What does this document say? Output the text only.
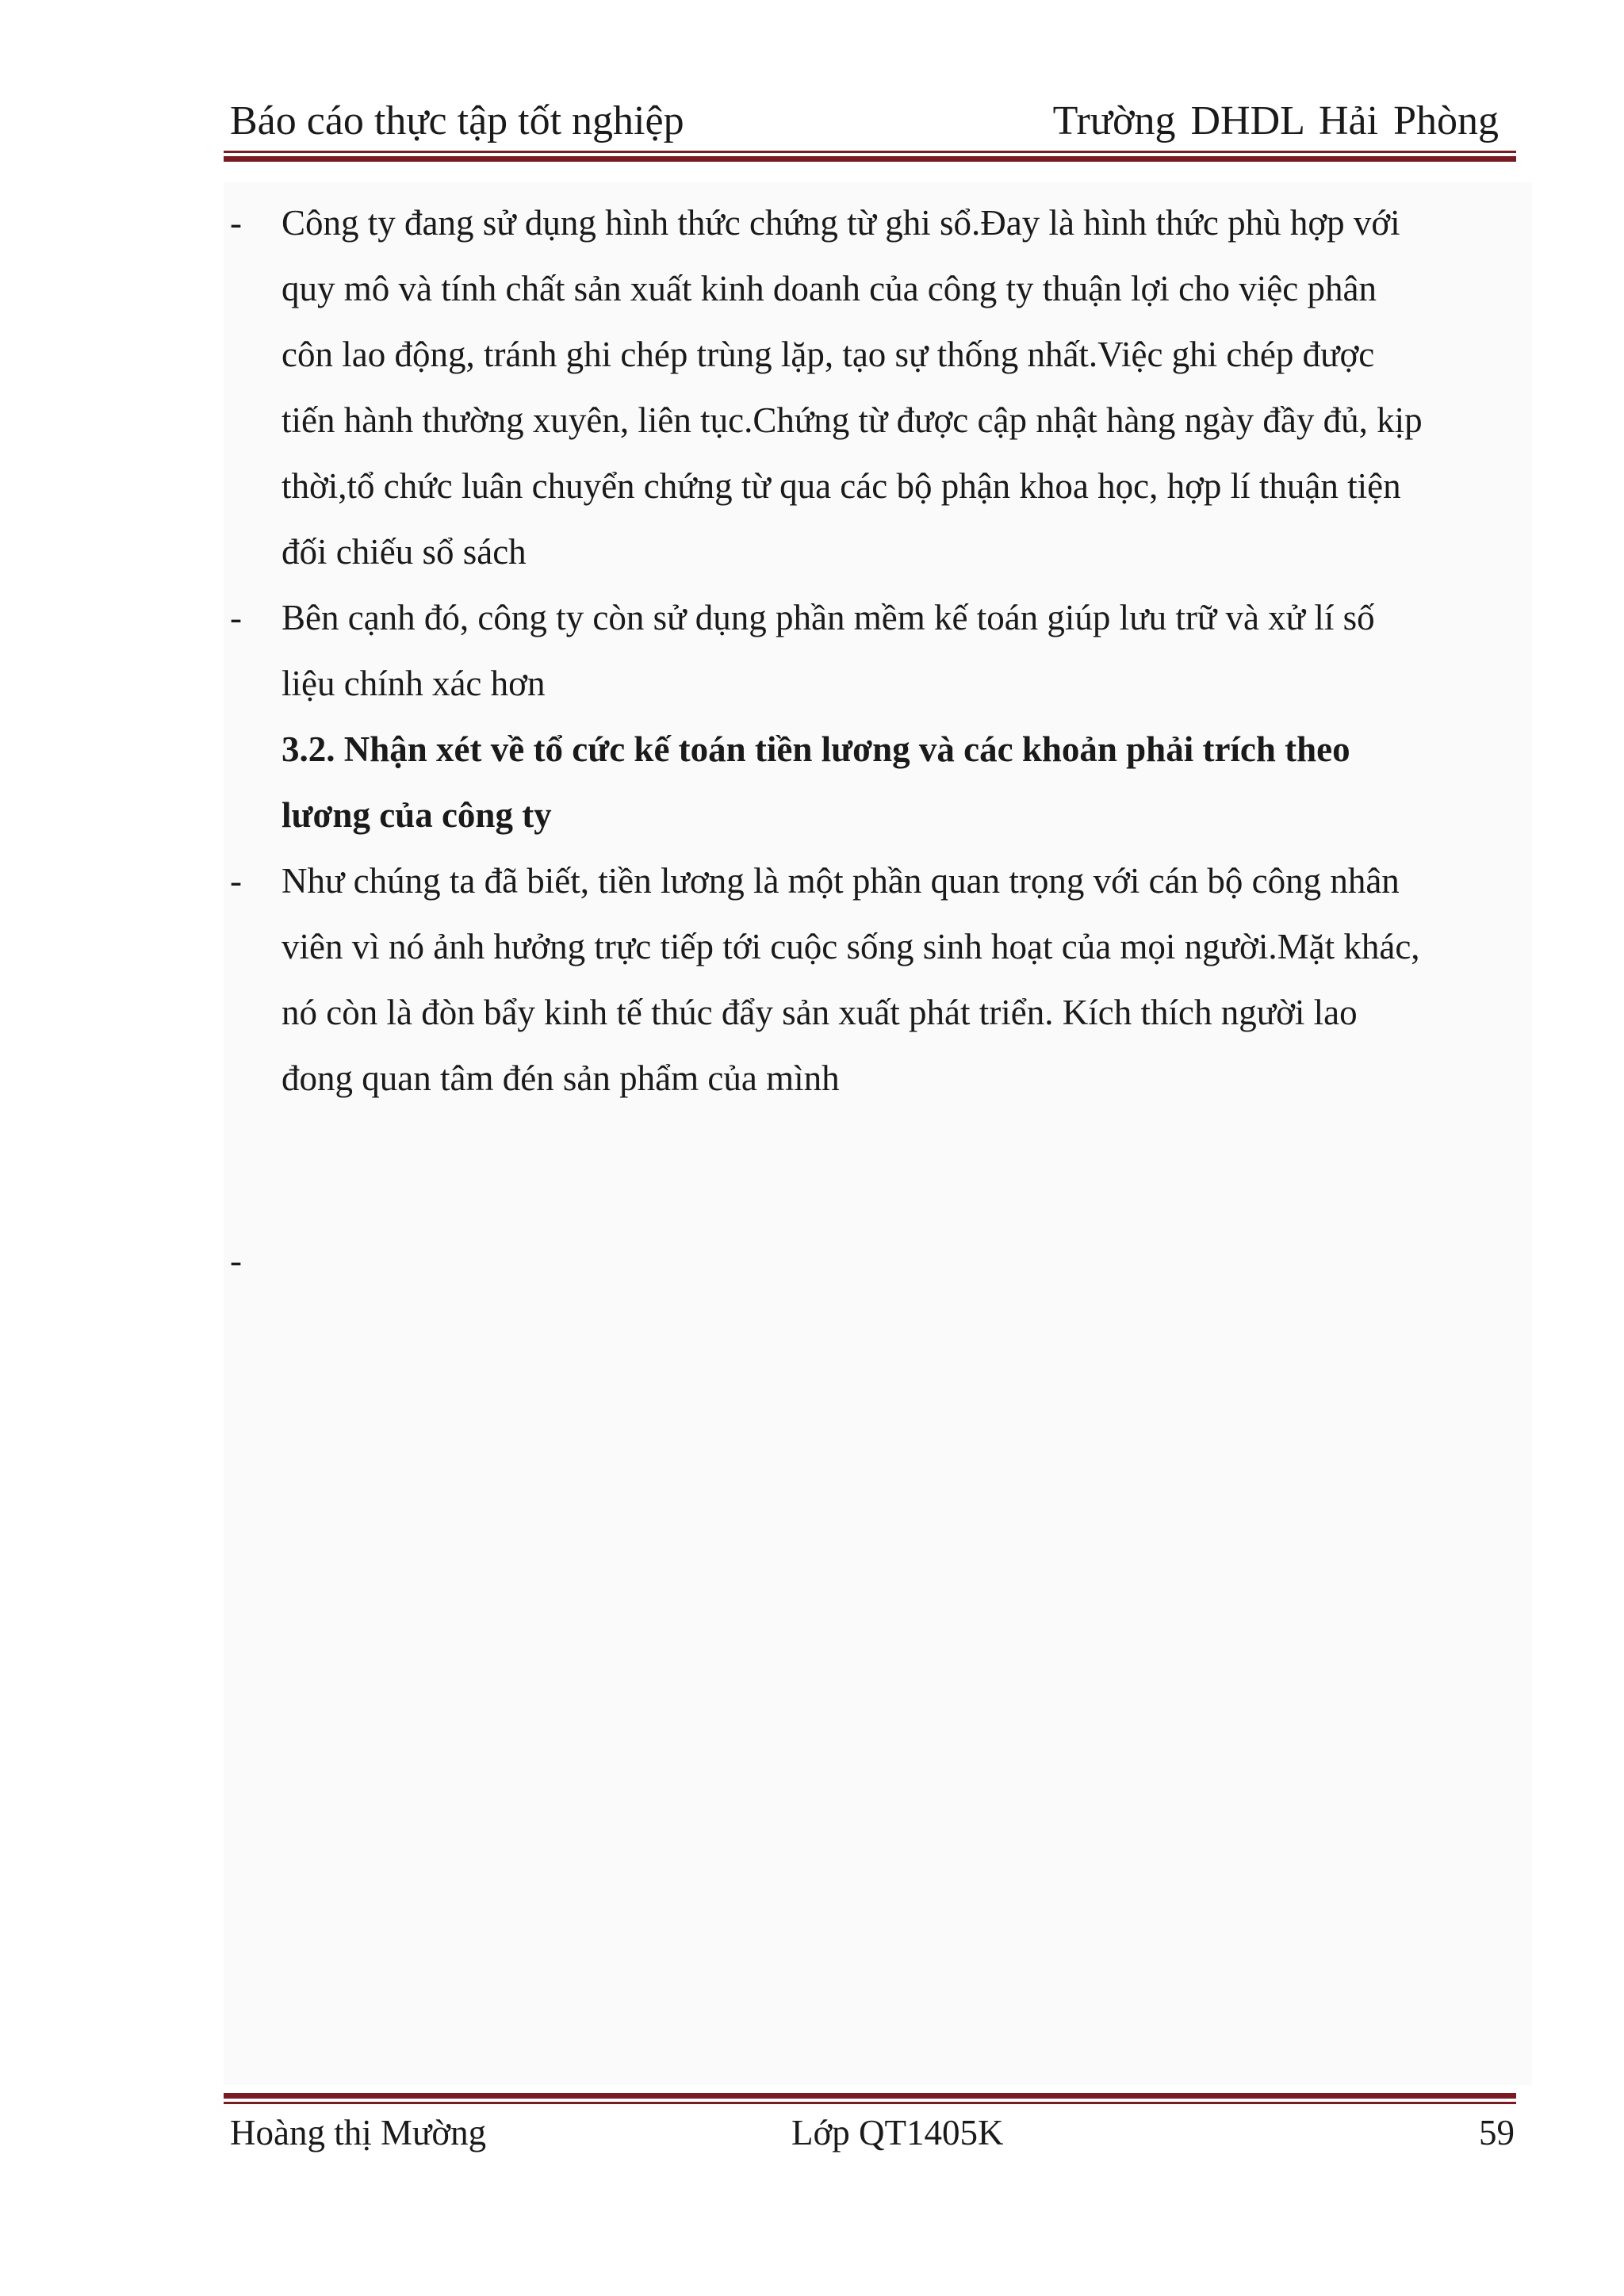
Báo cáo thực tập tốt nghiệp	Trường DHDL Hải Phòng
- Công ty đang sử dụng hình thức chứng từ ghi sổ.Đay là hình thức phù hợp với
quy mô và tính chất sản xuất kinh doanh của công ty thuận lợi cho việc phân
côn lao động, tránh ghi chép trùng lặp, tạo sự thống nhất.Việc ghi chép được
tiến hành thường xuyên, liên tục.Chứng từ được cập nhật hàng ngày đầy đủ, kịp
thời,tổ chức luân chuyển chứng từ qua các bộ phận khoa học, hợp lí thuận tiện
đối chiếu sổ sách
- Bên cạnh đó, công ty còn sử dụng phần mềm kế toán giúp lưu trữ và xử lí số
liệu chính xác hơn
3.2. Nhận xét về tổ cức kế toán tiền lương và các khoản phải trích theo
lương của công ty
- Như chúng ta đã biết, tiền lương là một phần quan trọng với cán bộ công nhân
viên vì nó ảnh hưởng trực tiếp tới cuộc sống sinh hoạt của mọi người.Mặt khác,
nó còn là đòn bẩy kinh tế thúc đẩy sản xuất phát triển. Kích thích người lao
đong quan tâm đén sản phẩm của mình
-
Hoàng thị Mường	Lớp QT1405K	59
